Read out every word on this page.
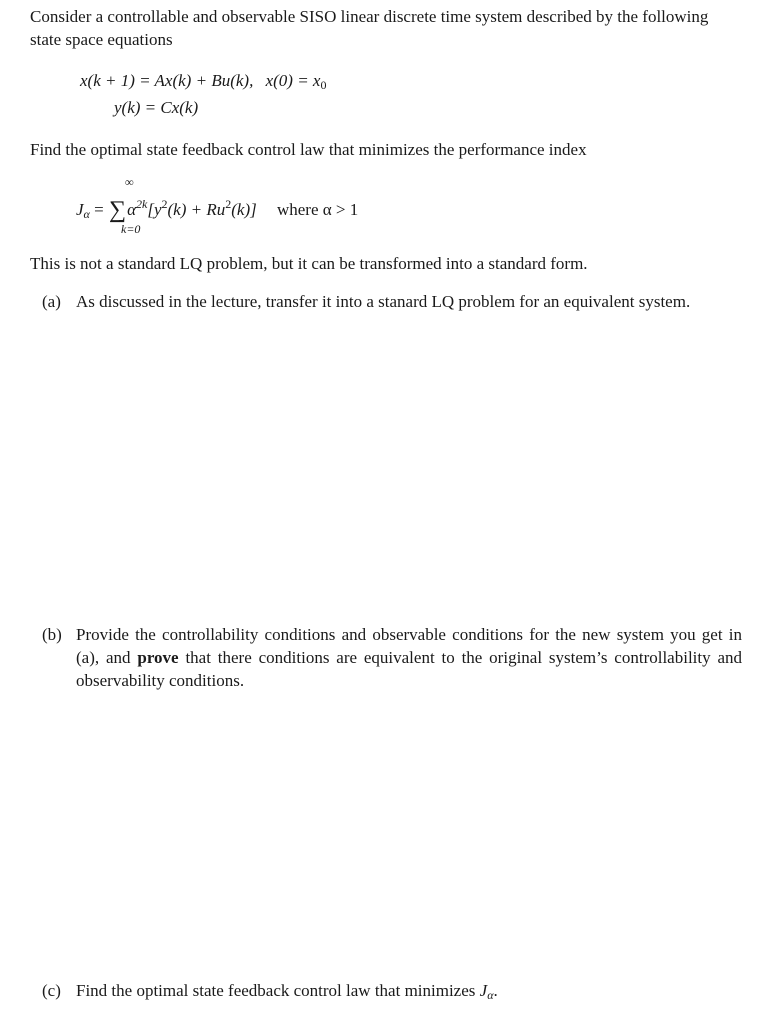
Consider a controllable and observable SISO linear discrete time system described by the following state space equations
x(k + 1) = Ax(k) + Bu(k), $x(0) = x_0$
y(k) = Cx(k)
Find the optimal state feedback control law that minimizes the performance index
$J_\alpha = \sum\alpha^{2k}[y^2(k) + Ru^2(k)]$ where α > 1
∞
k=0
This is not a standard LQ problem, but it can be transformed into a standard form.
(a) As discussed in the lecture, transfer it into a stanard LQ problem for an equivalent system.
(b) Provide the controllability conditions and observable conditions for the new system you get in (a), and prove that there conditions are equivalent to the original system’s controllability and observability conditions.
(c) Find the optimal state feedback control law that minimizes $J_\alpha$.
